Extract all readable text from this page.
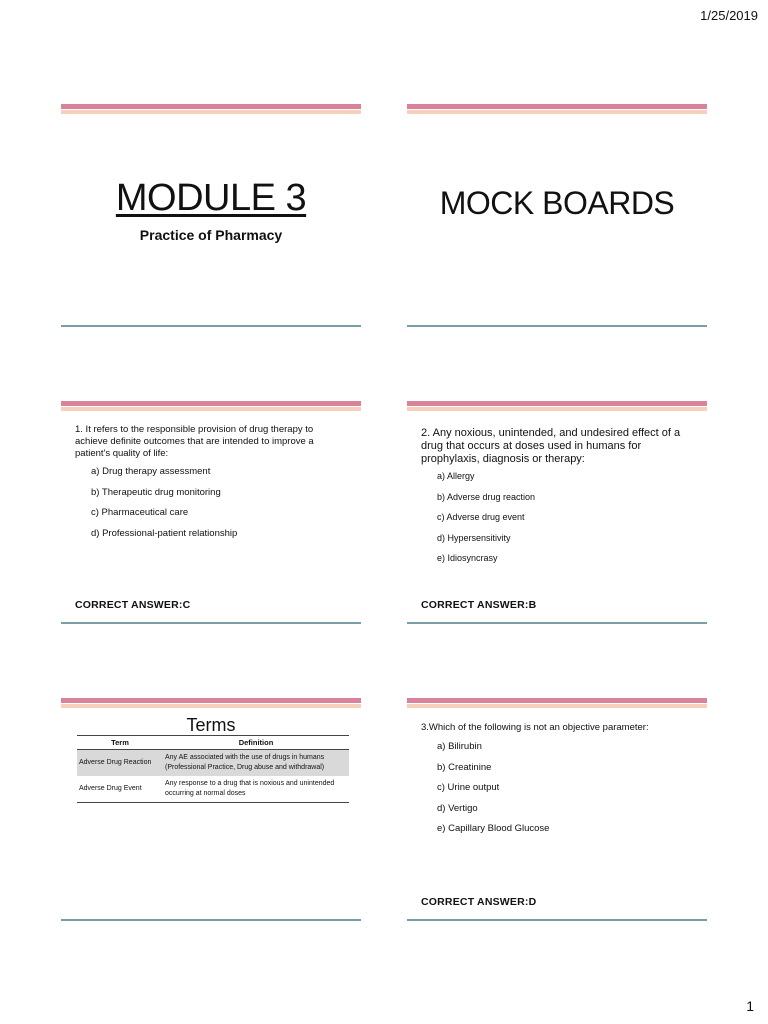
1/25/2019
MODULE 3
Practice of Pharmacy
MOCK BOARDS
1. It refers to the responsible provision of drug therapy to achieve definite outcomes that are intended to improve a patient's quality of life:
a) Drug therapy assessment
b) Therapeutic drug monitoring
c) Pharmaceutical care
d) Professional-patient relationship
CORRECT ANSWER:C
2. Any noxious, unintended, and undesired effect of a drug that occurs at doses used in humans for prophylaxis, diagnosis or therapy:
a) Allergy
b) Adverse drug reaction
c) Adverse drug event
d) Hypersensitivity
e) Idiosyncrasy
CORRECT ANSWER:B
Terms
Term	Definition
Adverse Drug Reaction	Any AE associated with the use of drugs in humans (Professional Practice, Drug abuse and withdrawal)
Adverse Drug Event	Any response to a drug that is noxious and unintended occurring at normal doses
3.Which of the following is not an objective parameter:
a) Bilirubin
b) Creatinine
c) Urine output
d) Vertigo
e) Capillary Blood Glucose
CORRECT ANSWER:D
1
